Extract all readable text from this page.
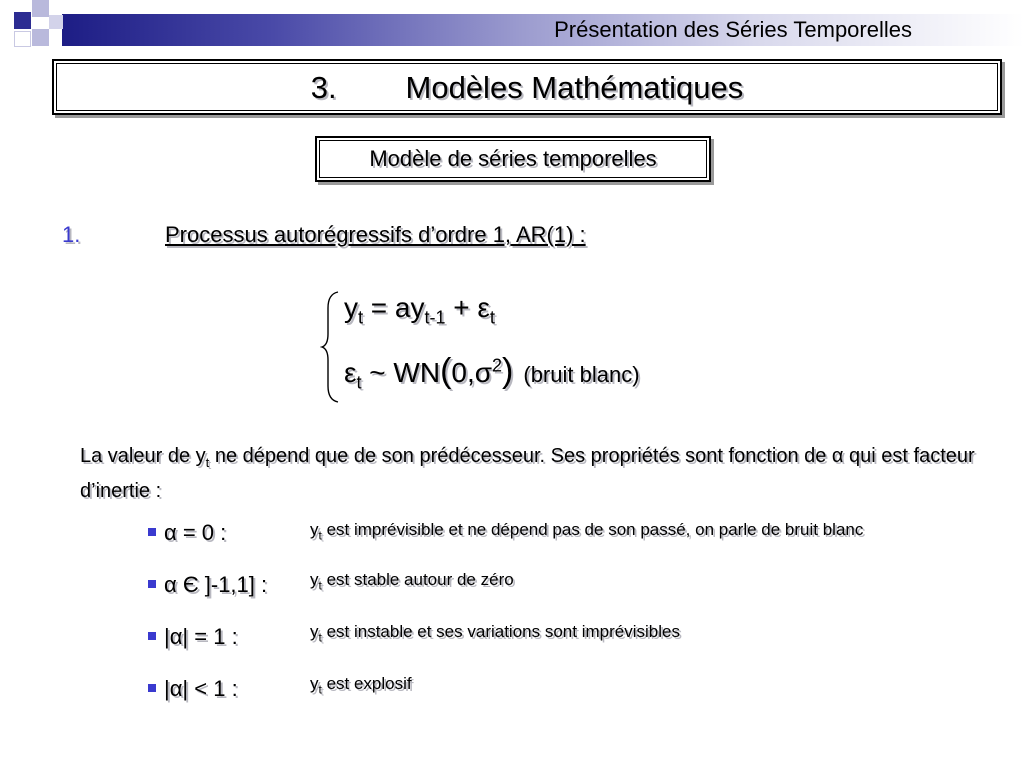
Présentation des Séries Temporelles
3. Modèles Mathématiques
Modèle de séries temporelles
1.	Processus autorégressifs d’ordre 1, AR(1) :
$y_t = ay_{t-1} + \varepsilon_t$
$\varepsilon_t$ ~ $WN(0,\sigma^2)$ (bruit blanc)
La valeur de $y_t$ ne dépend que de son prédécesseur. Ses propriétés sont fonction de α qui est facteur d’inertie :
α = 0 :	$y_t$ est imprévisible et ne dépend pas de son passé, on parle de bruit blanc
α Є ]-1,1] :	$y_t$ est stable autour de zéro
|α| = 1 :	$y_t$ est instable et ses variations sont imprévisibles
|α| < 1 :	$y_t$ est explosif
